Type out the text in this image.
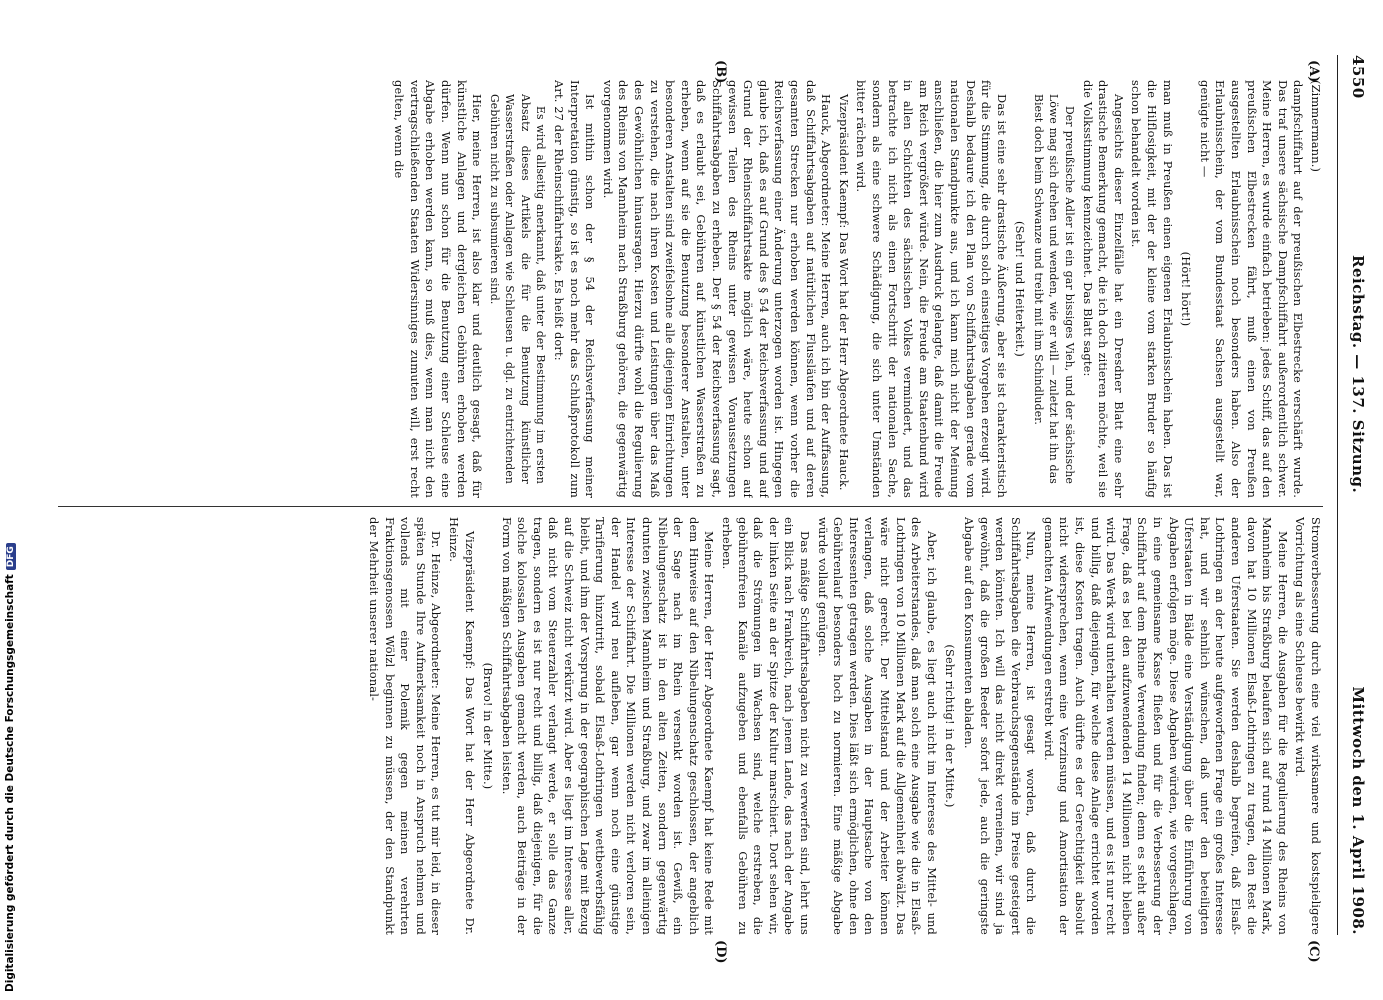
4550
Reichstag. — 137. Sitzung.
Mittwoch den 1. April 1908.
(A)
(B)
(C)
(D)

(Zimmermann.)

dampfschiffahrt auf der preußischen Elbestrecke verschärft wurde. Das traf unsere sächsische Dampfschiffahrt außerordentlich schwer. Meine Herren, es wurde einfach betrieben: jedes Schiff, das auf den preußischen Elbestrecken fährt, muß einen von Preußen ausgestellten Erlaubnisschein noch besonders haben. Also der Erlaubnisschein, der vom Bundesstaat Sachsen ausgestellt war, genügte nicht —

(Hört! hört!)

man muß in Preußen einen eigenen Erlaubnisschein haben. Das ist die Hilflosigkeit, mit der der kleine vom starken Bruder so häufig schon behandelt worden ist.

Angesichts dieser Einzelfälle hat ein Dresdner Blatt eine sehr drastische Bemerkung gemacht, die ich doch zitieren möchte, weil sie die Volksstimmung kennzeichnet. Das Blatt sagte:

Der preußische Adler ist ein gar bissiges Vieh, und der sächsische Löwe mag sich drehen und wenden, wie er will — zuletzt hat ihn das Biest doch beim Schwanze und treibt mit ihm Schindluder.

(Sehr! und Heiterkeit.)

Das ist eine sehr drastische Äußerung, aber sie ist charakteristisch für die Stimmung, die durch solch einseitiges Vorgehen erzeugt wird. Deshalb bedaure ich den Plan von Schiffahrtsabgaben gerade vom nationalen Standpunkte aus, und ich kann mich nicht der Meinung anschließen, die hier zum Ausdruck gelangte, daß damit die Freude am Reich vergrößert würde. Nein, die Freude am Staatenbund wird in allen Schichten des sächsischen Volkes vermindert, und das betrachte ich nicht als einen Fortschritt der nationalen Sache, sondern als eine schwere Schädigung, die sich unter Umständen bitter rächen wird.

Vizepräsident Kaempf: Das Wort hat der Herr Abgeordnete Hauck.

Hauck, Abgeordneter: Meine Herren, auch ich bin der Auffassung, daß Schiffahrtsabgaben auf natürlichen Flussläufen und auf deren gesamten Strecken nur erhoben werden können, wenn vorher die Reichsverfassung einer Änderung unterzogen worden ist. Hingegen glaube ich, daß es auf Grund des § 54 der Reichsverfassung und auf Grund der Rheinschiffahrtsakte möglich wäre, heute schon auf gewissen Teilen des Rheins unter gewissen Voraussetzungen Schiffahrtsabgaben zu erheben. Der § 54 der Reichsverfassung sagt, daß es erlaubt sei, Gebühren auf künstlichen Wasserstraßen zu erheben, wenn auf sie die Benutzung besonderer Anstalten, unter besonderen Anstalten sind zweifelsohne alle diejenigen Einrichtungen zu verstehen, die nach ihren Kosten und Leistungen über das Maß des Gewöhnlichen hinausragen. Hierzu dürfte wohl die Regulierung des Rheins von Mannheim nach Straßburg gehören, die gegenwärtig vorgenommen wird.

Ist mithin schon der § 54 der Reichsverfassung meiner Interpretation günstig, so ist es noch mehr das Schlußprotokoll zum Art. 27 der Rheinschiffahrtsakte. Es heißt dort:

Es wird allseitig anerkannt, daß unter der Bestimmung im ersten Absatz dieses Artikels die für die Benutzung künstlicher Wasserstraßen oder Anlagen wie Schleusen u. dgl. zu entrichtenden Gebühren nicht zu subsumieren sind.

Hier, meine Herren, ist also klar und deutlich gesagt, daß für künstliche Anlagen und dergleichen Gebühren erhoben werden dürfen. Wenn nun schon für die Benutzung einer Schleuse eine Abgabe erhoben werden kann, so muß dies, wenn man nicht den vertragschließenden Staaten Widersinniges zumuten will, erst recht gelten, wenn die

Stromverbesserung durch eine viel wirksamere und kostspieligere Vorrichtung als eine Schleuse bewirkt wird.

Meine Herren, die Ausgaben für die Regulierung des Rheins von Mannheim bis Straßburg belaufen sich auf rund 14 Millionen Mark, davon hat 10 Millionen Elsaß-Lothringen zu tragen, den Rest die anderen Uferstaaten. Sie werden deshalb begreifen, daß Elsaß-Lothringen an der heute aufgeworfenen Frage ein großes Interesse hat, und wir sehnlich wünschen, daß unter den beteiligten Uferstaaten in Bälde eine Verständigung über die Einführung von Abgaben erfolgen möge. Diese Abgaben würden, wie vorgeschlagen, in eine gemeinsame Kasse fließen und für die Verbesserung der Schiffahrt auf dem Rheine Verwendung finden; denn es steht außer Frage, daß es bei den aufzuwendenden 14 Millionen nicht bleiben wird. Das Werk wird unterhalten werden müssen, und es ist nur recht und billig, daß diejenigen, für welche diese Anlage errichtet worden ist, diese Kosten tragen. Auch dürfte es der Gerechtigkeit absolut nicht widersprechen, wenn eine Verzinsung und Amortisation der gemachten Aufwendungen erstrebt wird.

Nun, meine Herren, ist gesagt worden, daß durch die Schiffahrtsabgaben die Verbrauchsgegenstände im Preise gesteigert werden könnten. Ich will das nicht direkt verneinen, wir sind ja gewöhnt, daß die großen Reeder sofort jede, auch die geringste Abgabe auf den Konsumenten abladen.

(Sehr richtig! in der Mitte.)

Aber, ich glaube, es liegt auch nicht im Interesse des Mittel- und des Arbeiterstandes, daß man solch eine Ausgabe wie die in Elsaß-Lothringen von 10 Millionen Mark auf die Allgemeinheit abwälzt. Das wäre nicht gerecht. Der Mittelstand und der Arbeiter können verlangen, daß solche Ausgaben in der Hauptsache von den Interessenten getragen werden. Dies läßt sich ermöglichen, ohne den Gebührenlauf besonders hoch zu normieren. Eine mäßige Abgabe würde vollauf genügen.

Das mäßige Schiffahrtsabgaben nicht zu verwerfen sind, lehrt uns ein Blick nach Frankreich, nach jenem Lande, das nach der Angabe der linken Seite an der Spitze der Kultur marschiert. Dort sehen wir, daß die Strömungen im Wachsen sind, welche erstreben, die gebührenfreien Kanäle aufzugeben und ebenfalls Gebühren zu erheben.

Meine Herren, der Herr Abgeordnete Kaempf hat keine Rede mit dem Hinweise auf den Nibelungenschatz geschlossen, der angeblich der Sage nach im Rhein versenkt worden ist. Gewiß, ein Nibelungenschatz ist in den alten Zeiten, sondern gegenwärtig drunten zwischen Mannheim und Straßburg, und zwar im alleinigen Interesse der Schiffahrt. Die Millionen werden nicht verloren sein, der Handel wird neu aufleben, gar wenn noch eine günstige Tarifierung hinzutritt, sobald Elsaß-Lothringen wettbewerbsfähig bleibt, und ihm der Vorsprung in der geographischen Lage mit Bezug auf die Schweiz nicht verkürzt wird. Aber es liegt im Interesse aller, daß nicht vom Steuerzahler verlangt werde, er solle das Ganze tragen, sondern es ist nur recht und billig, daß diejenigen, für die solche kolossalen Ausgaben gemacht werden, auch Beiträge in der Form von mäßigen Schiffahrtsabgaben leisten.

(Bravo! in der Mitte.)

Vizepräsident Kaempf: Das Wort hat der Herr Abgeordnete Dr. Heinze.

Dr. Heinze, Abgeordneter: Meine Herren, es tut mir leid, in dieser späten Stunde Ihre Aufmerksamkeit noch in Anspruch nehmen und vollends mit einer Polemik gegen meinen verehrten Fraktionsgenossen Wölzl beginnen zu müssen, der den Standpunkt der Mehrheit unserer national-

Digitalisierung gefördert durch die Deutsche ForschungsgemeinschaftDFG
